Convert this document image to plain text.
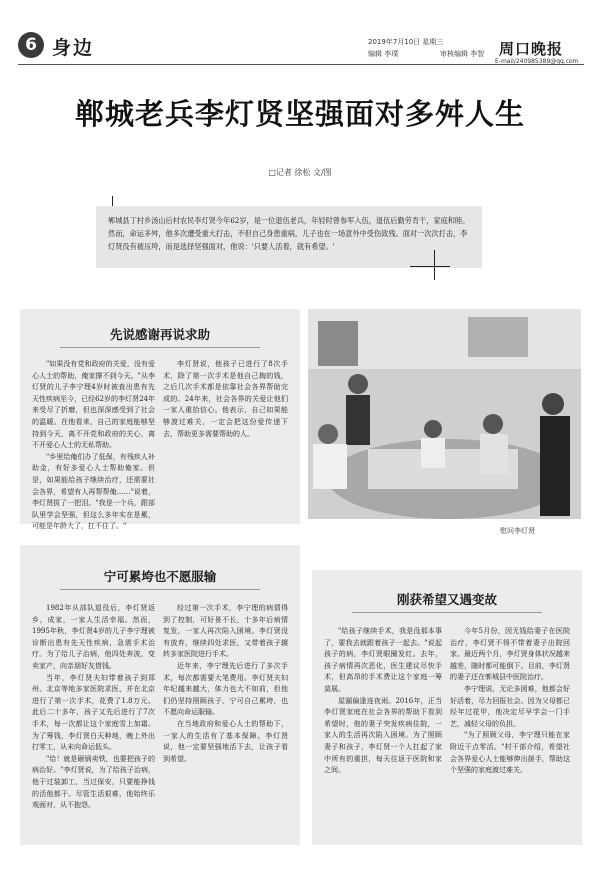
6 身边	2019年7月10日 星期三
编辑 李璞	审核编辑 李智
E-mail/240985389@qq.com
周口晚报
郸城老兵李灯贤坚强面对多舛人生
□记者 徐松 文/图
郸城县丁村乡汤山后村农民李灯贤今年62岁，是一位退伍老兵，年轻时曾参军入伍，退伍后勤劳肯干，家庭和睦。然而，命运多舛，他多次遭受重大打击，不但自己身患重病，儿子也在一场意外中受伤致残。面对一次次打击，李灯贤没有被压垮，而是选择坚强面对，他说：'只要人活着，就有希望。'
先说感谢再说求助

"如果没有党和政府的关爱，没有爱心人士的帮助，俺家撑不到今天。"从李灯贤的儿子李宁理4岁时被查出患有先天性疾病至今，已经62岁的李灯贤24年来受尽了折磨，但也深深感受到了社会的温暖。在他看来，自己的家庭能够坚持到今天，离不开党和政府的关心，离不开爱心人士的无私帮助。

"乡里给俺们办了低保，有残疾人补助金，有好多爱心人士帮助俺家。但是，如果能给孩子继续治疗，还需要社会各界，希望有人再帮帮俺……"说着，李灯贤拔了一把泪。"我是一个兵，跟部队里学会坚强，但这么多年实在是累，可能是年龄大了，扛不住了。"

李灯贤说，他孩子已进行了8次手术，除了第一次手术是他自己掏的钱，之后几次手术都是依靠社会各界帮助完成的。24年来，社会各界的关爱让他们一家人重拾信心。他表示，自己如果能够渡过难关，一定会把这份爱传递下去，帮助更多需要帮助的人。

慰问李灯贤
宁可累垮也不愿服输

1982年从部队退役后，李灯贤返乡，成家，一家人生活幸福。然而，1995年秋，李灯贤4岁的儿子李宁理被诊断出患有先天性疾病，急需手术治疗。为了给儿子治病，他四处奔波，变卖家产，向亲朋好友借钱。

当年，李灯贤夫妇带着孩子到郑州、北京等地多家医院求医，并在北京进行了第一次手术，花费了1.8万元。此后二十多年，孩子又先后进行了7次手术，每一次都让这个家庭雪上加霜。为了筹钱，李灯贤白天种地，晚上外出打零工，从未向命运低头。

"给！就是砸锅卖铁，也要把孩子的病治好。"李灯贤说，为了给孩子治病，他干过装卸工，当过保安，只要能挣钱的活他都干。尽管生活艰难，他始终乐观面对，从不抱怨。

经过第一次手术，李宁理的病情得到了控制，可好景不长，十多年后病情复发，一家人再次陷入困境。李灯贤没有放弃，继续四处求医，又带着孩子辗转多家医院进行手术。

近年来，李宁理先后进行了多次手术，每次都需要大笔费用。李灯贤夫妇年纪越来越大，体力也大不如前，但他们仍坚持照顾孩子，宁可自己累垮，也不愿向命运服输。

在当地政府和爱心人士的帮助下，一家人的生活有了基本保障。李灯贤说，他一定要坚强地活下去，让孩子看到希望。

刚获希望又遇变故

"给孩子继续手术，我是没那本事了，要我去就跟着孩子一起去。"说起孩子的病，李灯贤眼圈发红。去年，孩子病情再次恶化，医生建议尽快手术，但高昂的手术费让这个家庭一筹莫展。

屋漏偏逢连夜雨。2016年，正当李灯贤家庭在社会各界的帮助下看到希望时，他的妻子突发疾病住院，一家人的生活再次陷入困境。为了照顾妻子和孩子，李灯贤一个人扛起了家中所有的重担，每天往返于医院和家之间。

今年5月份，因无钱给妻子在医院治疗，李灯贤不得不带着妻子出院回家。最近两个月，李灯贤身体状况越来越差，随时都可能倒下。目前，李灯贤的妻子还在郸城县中医院治疗。

李宁理说，无论多困难，他都会好好活着，尽力回报社会。因为父母都已经年过花甲，他决定尽早学会一门手艺，减轻父母的负担。

"为了照顾父母，李宁理只能在家附近干点零活。"村干部介绍，希望社会各界爱心人士能够伸出援手，帮助这个坚强的家庭渡过难关。
